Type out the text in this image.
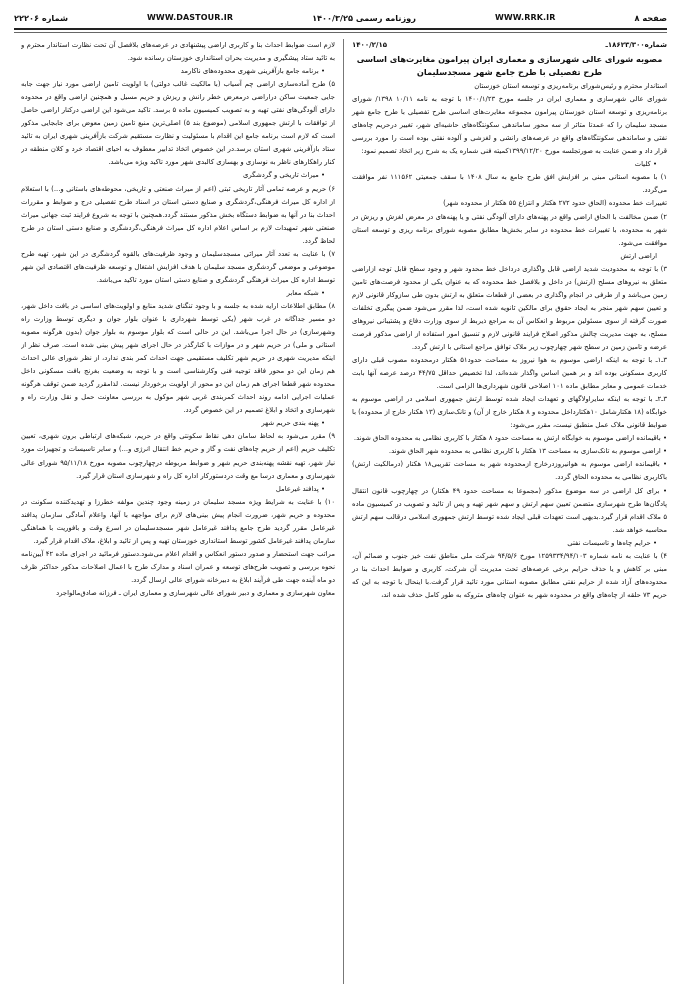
صفحه ۸
WWW.RRK.IR
روزنامه رسمی ۱۴۰۰/۳/۲۵
WWW.DASTOUR.IR
شماره ۲۲۲۰۶
شماره۱۸۶۲۳/۳۰۰ـ
۱۴۰۰/۲/۱۵
مصوبه شورای عالی شهرسازی و معماری ایران پیرامون مغایرت‌های اساسی
طرح تفصیلی با طرح جامع شهر مسجدسلیمان

استاندار محترم و رئیس‌شورای برنامه‌ریزی و توسعه استان خوزستان

شورای عالی شهرسازی و معماری ایران در جلسه مورخ ۱۴۰۰/۱/۲۳ با توجه به نامه ۱۰/۱۱ ۱۳۹۸/ شورای برنامه‌ریزی و توسعه استان خوزستان پیرامون مجموعه مغایرت‌های اساسی طرح تفصیلی با طرح جامع شهر مسجد سلیمان را که عمدتا متاثر از سه محور ساماندهی سکونتگاه‌های حاشیه‌ای شهر، تغییر درحریم چاه‌های نفتی و ساماندهی سکونتگاه‌های واقع در عرصه‌های رانشی و لغزشی و آلوده نفتی بوده است را مورد بررسی قرار داد و ضمن عنایت به صورتجلسه مورخ ۱۳۹۹/۱۲/۲۰کمیته فنی شماره یک به شرح زیر اتخاذ تصمیم نمود:

• کلیات

۱) با مصوبه استانی مبنی بر افزایش افق طرح جامع به سال ۱۴۰۸ با سقف جمعیتی ۱۱۱۵۶۲ نفر موافقت می‌گردد.

تغییرات خط محدوده (الحاق حدود ۲۷۲ هکتار و انتزاع ۵۵ هکتار از محدوده شهر)

۲) ضمن مخالفت با الحاق اراضی واقع در پهنه‌های دارای آلودگی نفتی و یا پهنه‌های در معرض لغزش و ریزش در شهر به محدوده، با تغییرات خط محدوده در سایر بخش‌ها مطابق مصوبه شورای برنامه ریزی و توسعه استان موافقت می‌شود.

اراضی ارتش

۳) با توجه به محدودیت شدید اراضی قابل واگذاری درداخل خط محدود شهر و وجود سطح قابل توجه ازاراضی متعلق به نیروهای مسلح (ارتش) در داخل و بلافصل خط محدوده که به عنوان یکی از محدود فرصت‌های تامین زمین می‌باشد و از طرفی در انجام واگذاری در بعضی از قطعات متعلق به ارتش بدون طی سازوکار قانونی لازم و تعیین سهم شهر منجر به ایجاد حقوق برای مالکین ثانویه شده است، لذا مقرر می‌شود ضمن پیگیری تخلفات صورت گرفته از سوی مسئولین مربوط و انعکاس آن به مراجع ذیربط از سوی وزارت دفاع و پشتیبانی نیروهای مسلح، به جهت مدیریت چالش مذکور اصلاح فرایند قانونی لازم و تنسیق امور استفاده از اراضی مذکور فرصت عرضه و تامین زمین در سطح شهر چهارچوب زیر ملاک توافق مراجع استانی با ارتش گردد.

۳ـ۱ـ با توجه به اینکه اراضی موسوم به هوا نیروز به مساحت حدود۵۱ هکتار درمحدوده مصوب قبلی دارای کاربری مسکونی بوده اند و بر همین اساس واگذار شده‌اند، لذا تخصیص حداقل ۴۴/۷۵ درصد عرصه آنها بابت خدمات عمومی و معابر مطابق ماده ۱۰۱ اصلاحی قانون شهرداری‌ها الزامی است.

۳ـ۲ـ با توجه به اینکه سایراولاگهای و تعهدات ایجاد شده توسط ارتش جمهوری اسلامی در اراضی موسوم به خوابگاه (۱۸ هکتارشامل ۱۰هکتارداخل محدوده و ۸ هکتار خارج از آن) و تانک‌سازی (۱۳ هکتار خارج از محدوده) با ضوابط قانونی ملاک عمل منطبق نیست، مقرر می‌شود:

• باقیمانده اراضی موسوم به خوابگاه ارتش به مساحت حدود ۸ هکتار با کاربری نظامی به محدوده الحاق شوند.

• اراضی موسوم به تانک‌سازی به مساحت ۱۳ هکتار با کاربری نظامی به محدوده شهر الحاق شوند.

• باقیمانده اراضی موسوم به هوانیروزدرخارج ازمحدوده شهر به مساحت تقریبی۱۸ هکتار (درمالکیت ارتش) باکاربری نظامی به محدوده الحاق گردد.

• برای کل اراضی در سه موضوع مذکور (مجموعا به مساحت حدود ۴۹ هکتار) در چهارچوب قانون انتقال پادگان‌ها طرح شهرسازی متضمن تعیین سهم ارتش و سهم شهر تهیه و پس از تائید و تصویب در کمیسیون ماده ۵ ملاک اقدام قرار گیرد.بدیهی است تعهدات قبلی ایجاد شده توسط ارتش جمهوری اسلامی درقالب سهم ارتش محاسبه خواهد شد.

• حرایم چاه‌ها و تاسیسات نفتی

۴) با عنایت به نامه شماره ۱۲۵۹۳۳۴/۹۴/۱۰۳ مورخ ۹۴/۵/۶ شرکت ملی مناطق نفت خیز جنوب و ضمائم آن، مبنی بر کاهش و یا حذف حرایم برخی عرصه‌های تحت مدیریت آن شرکت، کاربری و ضوابط احداث بنا در محدوده‌های آزاد شده از حرایم نفتی مطابق مصوبه استانی مورد تائید قرار گرفت.با اینحال با توجه به این که حریم ۷۳ حلقه از چاه‌های واقع در محدوده شهر به عنوان چاه‌های متروکه به طور کامل حذف شده اند،

لازم است ضوابط احداث بنا و کاربری اراضی پیشنهادی در عرصه‌های بلافصل آن تحت نظارت استاندار محترم و به تائید ستاد پیشگیری و مدیریت بحران استانداری خوزستان رسانده شود.

• برنامه جامع بازآفرینی شهری محدوده‌های ناکارمد

۵) طرح آماده‌سازی اراضی چم آسیاب (با مالکیت غالب دولتی) با اولویت تامین اراضی مورد نیاز جهت جابه جایی جمعیت ساکن دراراضی درمعرض خطر رانش و ریزش و حریم مسیل و همچنین اراضی واقع در محدوده دارای آلودگی‌های نفتی تهیه و به تصویب کمیسیون ماده ۵ برسد. تاکید می‌شود این اراضی درکنار اراضی حاصل از توافقات با ارتش جمهوری اسلامی (موضوع بند ۵) اصلی‌ترین منبع تامین زمین معوض برای جابجایی مذکور است که لازم است برنامه جامع این اقدام با مسئولیت و نظارت مستقیم شرکت بازآفرینی شهری ایران به تائید ستاد بازآفرینی شهری استان برسد.در این خصوص اتخاذ تدابیر معطوف به احیای اقتصاد خرد و کلان منطقه در کنار راهکارهای ناظر به نوسازی و بهسازی کالبدی شهر مورد تاکید ویژه می‌باشد.

• میراث تاریخی و گردشگری

۶) حریم و عرصه تمامی آثار تاریخی ثبتی (اعم از میراث صنعتی و تاریخی، محوطه‌های باستانی و...) با استعلام از اداره کل میراث فرهنگی،گردشگری و صنایع دستی استان در اسناد طرح تفصیلی درج و ضوابط و مقررات احداث بنا در آنها به ضوابط دستگاه بخش مذکور مستند گردد.همچنین با توجه به شروع فرایند ثبت جهانی میراث صنعتی شهر تمهیدات لازم بر اساس اعلام اداره کل میراث فرهنگی،گردشگری و صنایع دستی استان در طرح لحاظ گردد.

۷) با عنایت به تعدد آثار میراثی مسجدسلیمان و وجود ظرفیت‌های بالقوه گردشگری در این شهر، تهیه طرح موضوعی و موضعی گردشگری مسجد سلیمان با هدف افزایش اشتغال و توسعه ظرفیت‌های اقتصادی این شهر توسط اداره کل میراث فرهنگی گردشگری و صنایع دستی استان مورد تاکید می‌باشد.

• شبکه معابر

۸) مطابق اطلاعات ارایه شده به جلسه و با وجود تنگنای شدید منابع و اولویت‌های اساسی در بافت داخل شهر، دو مسیر جداگانه در غرب شهر (یکی توسط شهرداری با عنوان بلوار جوان و دیگری توسط وزارت راه وشهرسازی) در حال اجرا می‌باشد. این در حالی است که بلوار موسوم به بلوار جوان (بدون هرگونه مصوبه استانی و ملی) در حریم شهر و در موازات با کنارگذر در حال اجرای شهر پیش بینی شده است. صرف نظر از اینکه مدیریت شهری در حریم شهر تکلیف مستقیمی جهت احداث کمر بندی ندارد، از نظر شورای عالی احداث هم زمان این دو محور فاقد توجیه فنی وکارشناسی است و با توجه به وضعیت بغرنج بافت مسکونی داخل محدوده شهر قطعا اجرای هم زمان این دو محور از اولویت برخوردار نیست. لذامقرر گردید ضمن توقف هرگونه عملیات اجرایی ادامه روند احداث کمربندی غربی شهر موکول به بررسی معاونت حمل و نقل وزارت راه و شهرسازی و اتخاذ و ابلاغ تصمیم در این خصوص گردد.

• پهنه بندی حریم شهر

۹) مقرر می‌شود به لحاظ سامان دهی نقاط سکونتی واقع در حریم، شبکه‌های ارتباطی برون شهری، تعیین تکلیف حریم (اعم از حریم چاه‌های نفت و گاز و حریم خط انتقال انرژی و...) و سایر تاسیسات و تجهیزات مورد نیاز شهر، تهیه نقشه پهنه‌بندی حریم شهر و ضوابط مربوطه درچهارچوب مصوبه مورخ ۹۵/۱۱/۱۸ شورای عالی شهرسازی و معماری درسا مع وقت دردستورکار اداره کل راه و شهرسازی استان قرار گیرد.

• پدافند غیرعامل

۱۰) با عنایت به شرایط ویژه مسجد سلیمان در زمینه وجود چندین مولفه خطرزا و تهدیدکننده سکونت در محدوده و حریم شهر، ضرورت انجام پیش بینی‌های لازم برای مواجهه با آنها، واعلام آمادگی سازمان پدافند غیرعامل مقرر گردید طرح جامع پدافند غیرعامل شهر مسجدسلیمان در اسرع وقت و بافوریت با هماهنگی سازمان پدافند غیرعامل کشور توسط استانداری خوزستان تهیه و پس از تائید و ابلاغ، ملاک اقدام قرار گیرد.

مراتب جهت استحضار و صدور دستور انعکاس و اقدام اعلام می‌شود.دستور فرمائید در اجرای ماده ۴۲ آیین‌نامه نحوه بررسی و تصویب طرح‌های توسعه و عمران اسناد و مدارک طرح با اعمال اصلاحات مذکور حداکثر ظرف دو ماه آینده جهت طی فرآیند ابلاغ به دبیرخانه شورای عالی ارسال گردد.

معاون شهرسازی و معماری و دبیر شورای عالی شهرسازی و معماری ایران ـ فرزانه صادق‌مالواجرد
